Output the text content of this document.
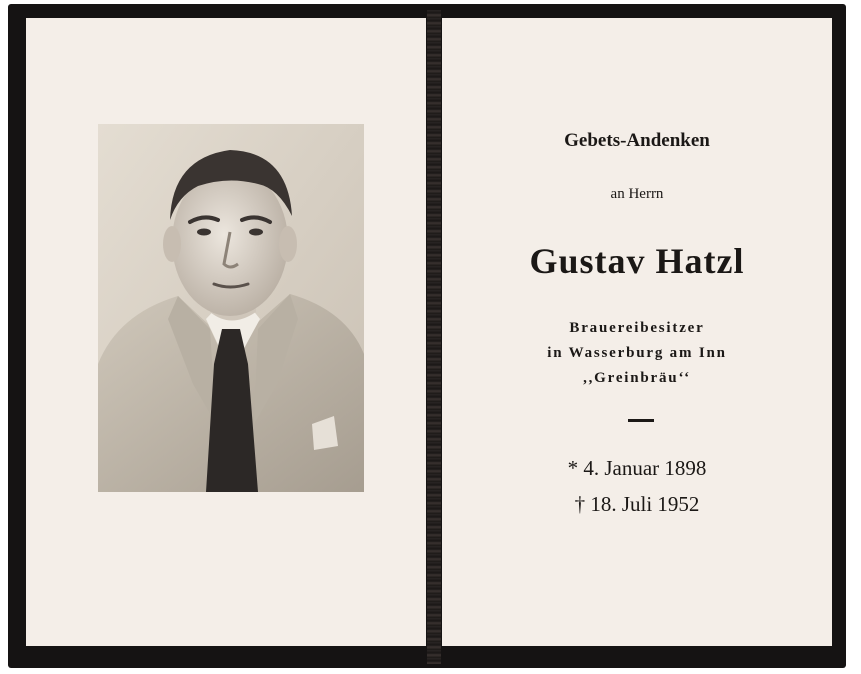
Gebets-Andenken
an Herrn
Gustav Hatzl
Brauereibesitzer
in Wasserburg am Inn
,,Greinbräu‘‘
* 4. Januar 1898
† 18. Juli 1952
